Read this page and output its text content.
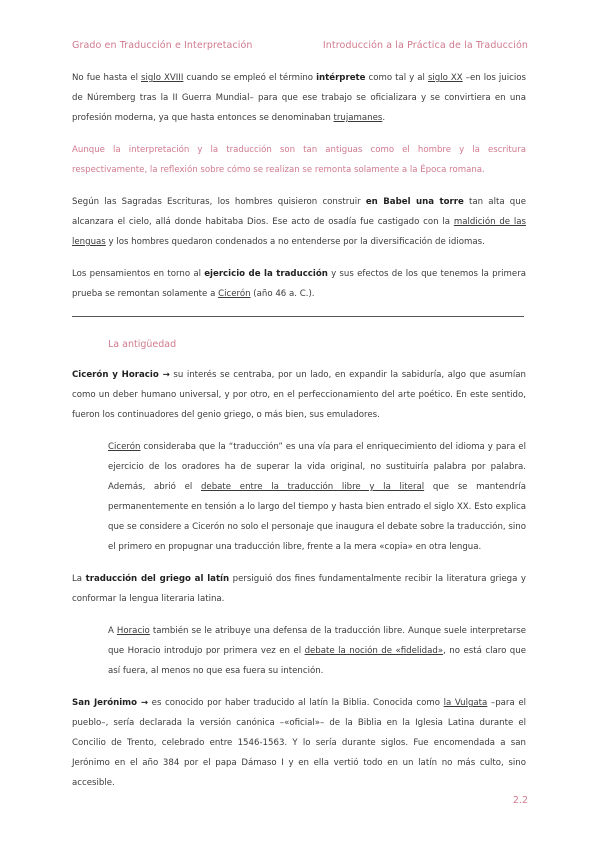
Grado en Traducción e Interpretación	Introducción a la Práctica de la Traducción

No fue hasta el siglo XVIII cuando se empleó el término intérprete como tal y al siglo XX –en los juicios de Núremberg tras la II Guerra Mundial– para que ese trabajo se oficializara y se convirtiera en una profesión moderna, ya que hasta entonces se denominaban trujamanes.

Aunque la interpretación y la traducción son tan antiguas como el hombre y la escritura respectivamente, la reflexión sobre cómo se realizan se remonta solamente a la Época romana.

Según las Sagradas Escrituras, los hombres quisieron construir en Babel una torre tan alta que alcanzara el cielo, allá donde habitaba Dios. Ese acto de osadía fue castigado con la maldición de las lenguas y los hombres quedaron condenados a no entenderse por la diversificación de idiomas.

Los pensamientos en torno al ejercicio de la traducción y sus efectos de los que tenemos la primera prueba se remontan solamente a Cicerón (año 46 a. C.).

La antigüedad

Cicerón y Horacio → su interés se centraba, por un lado, en expandir la sabiduría, algo que asumían como un deber humano universal, y por otro, en el perfeccionamiento del arte poético. En este sentido, fueron los continuadores del genio griego, o más bien, sus emuladores.

Cicerón consideraba que la “traducción” es una vía para el enriquecimiento del idioma y para el ejercicio de los oradores ha de superar la vida original, no sustituiría palabra por palabra. Además, abrió el debate entre la traducción libre y la literal que se mantendría permanentemente en tensión a lo largo del tiempo y hasta bien entrado el siglo XX. Esto explica que se considere a Cicerón no solo el personaje que inaugura el debate sobre la traducción, sino el primero en propugnar una traducción libre, frente a la mera «copia» en otra lengua.

La traducción del griego al latín persiguió dos fines fundamentalmente recibir la literatura griega y conformar la lengua literaria latina.

A Horacio también se le atribuye una defensa de la traducción libre. Aunque suele interpretarse que Horacio introdujo por primera vez en el debate la noción de «fidelidad», no está claro que así fuera, al menos no que esa fuera su intención.

San Jerónimo → es conocido por haber traducido al latín la Biblia. Conocida como la Vulgata –para el pueblo–, sería declarada la versión canónica –«oficial»– de la Biblia en la Iglesia Latina durante el Concilio de Trento, celebrado entre 1546-1563. Y lo sería durante siglos. Fue encomendada a san Jerónimo en el año 384 por el papa Dámaso I y en ella vertió todo en un latín no más culto, sino accesible.

2.2
